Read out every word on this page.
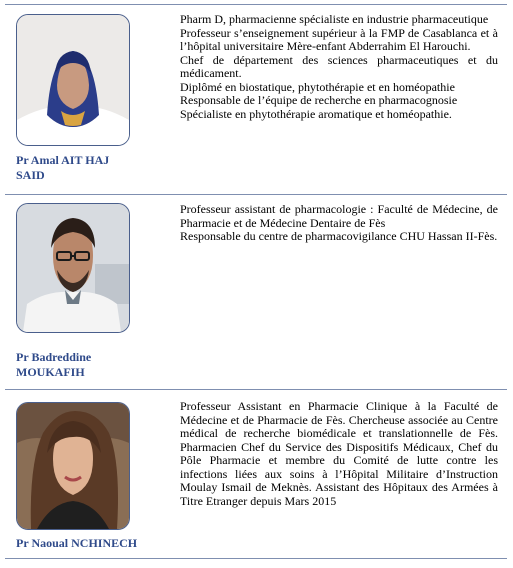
Pr Amal AIT HAJ
SAID

Pharm D, pharmacienne spécialiste en industrie pharmaceutique

Professeur s’enseignement supérieur à la FMP de Casablanca et à l’hôpital universitaire Mère-enfant Abderrahim El Harouchi.

Chef de département des sciences pharmaceutiques et du médicament.

Diplômé en biostatique, phytothérapie et en homéopathie

Responsable de l’équipe de recherche en pharmacognosie

Spécialiste en phytothérapie aromatique et homéopathie.

Pr Badreddine
MOUKAFIH

Professeur assistant de pharmacologie : Faculté de Médecine, de Pharmacie et de Médecine Dentaire de Fès

Responsable du centre de pharmacovigilance CHU Hassan II-Fès.

Pr Naoual NCHINECH

Professeur Assistant en Pharmacie Clinique à la Faculté de Médecine et de Pharmacie de Fès. Chercheuse associée au Centre médical de recherche biomédicale et translationnelle de Fès. Pharmacien Chef du Service des Dispositifs Médicaux, Chef du Pôle Pharmacie et membre du Comité de lutte contre les infections liées aux soins à l’Hôpital Militaire d’Instruction Moulay Ismail de Meknès. Assistant des Hôpitaux des Armées à Titre Etranger depuis Mars 2015
